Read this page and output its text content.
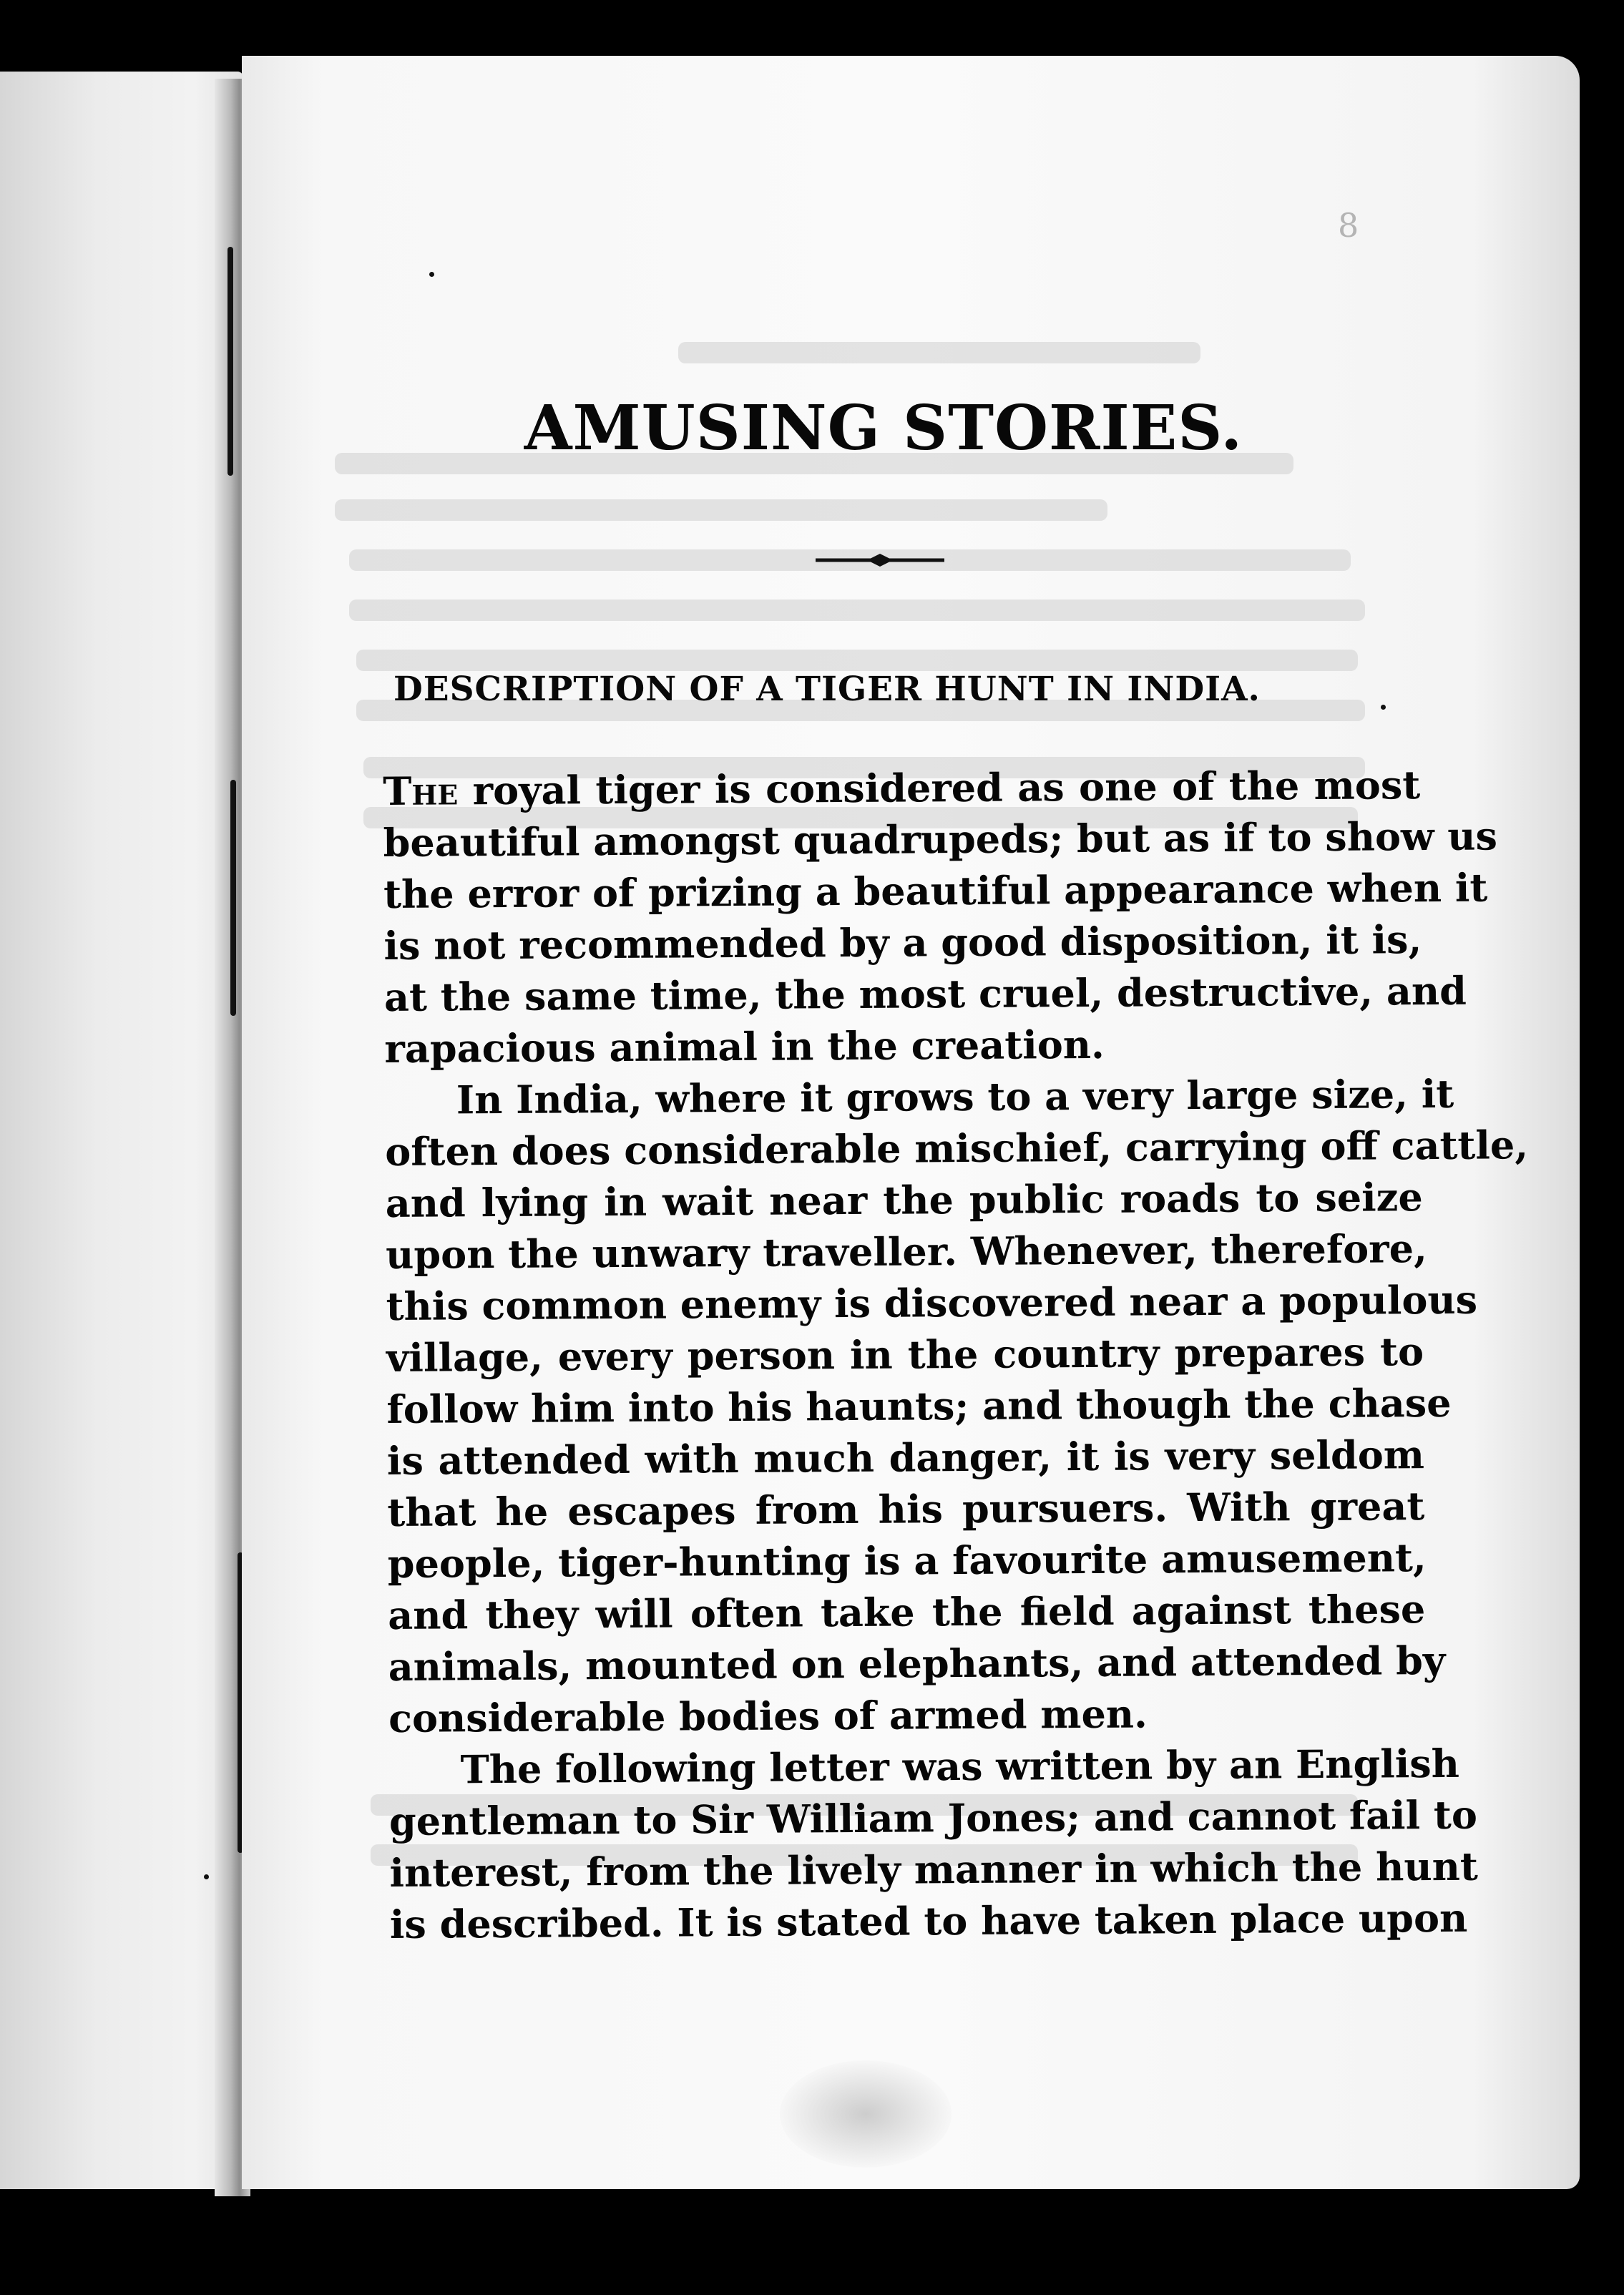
8
AMUSING STORIES.
DESCRIPTION OF A TIGER HUNT IN INDIA.
The royal tiger is considered as one of the most
beautiful amongst quadrupeds; but as if to show us
the error of prizing a beautiful appearance when it
is not recommended by a good disposition, it is,
at the same time, the most cruel, destructive, and
rapacious animal in the creation.
In India, where it grows to a very large size, it
often does considerable mischief, carrying off cattle,
and lying in wait near the public roads to seize
upon the unwary traveller. Whenever, therefore,
this common enemy is discovered near a populous
village, every person in the country prepares to
follow him into his haunts; and though the chase
is attended with much danger, it is very seldom
that he escapes from his pursuers. With great
people, tiger-hunting is a favourite amusement,
and they will often take the field against these
animals, mounted on elephants, and attended by
considerable bodies of armed men.
The following letter was written by an English
gentleman to Sir William Jones; and cannot fail to
interest, from the lively manner in which the hunt
is described. It is stated to have taken place upon
